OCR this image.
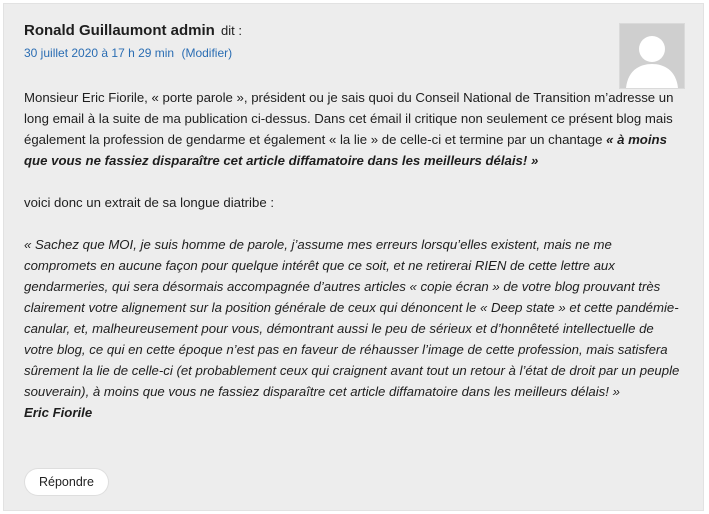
Ronald Guillaumont admin dit :
30 juillet 2020 à 17 h 29 min (Modifier)

Monsieur Eric Fiorile, « porte parole », président ou je sais quoi du Conseil National de Transition m’adresse un long email à la suite de ma publication ci-dessus. Dans cet émail il critique non seulement ce présent blog mais également la profession de gendarme et également « la lie » de celle-ci et termine par un chantage « à moins que vous ne fassiez disparaître cet article diffamatoire dans les meilleurs délais! »

voici donc un extrait de sa longue diatribe :

« Sachez que MOI, je suis homme de parole, j’assume mes erreurs lorsqu’elles existent, mais ne me compromets en aucune façon pour quelque intérêt que ce soit, et ne retirerai RIEN de cette lettre aux gendarmeries, qui sera désormais accompagnée d’autres articles « copie écran » de votre blog prouvant très clairement votre alignement sur la position générale de ceux qui dénoncent le « Deep state » et cette pandémie-canular, et, malheureusement pour vous, démontrant aussi le peu de sérieux et d’honnêteté intellectuelle de votre blog, ce qui en cette époque n’est pas en faveur de réhausser l’image de cette profession, mais satisfera sûrement la lie de celle-ci (et probablement ceux qui craignent avant tout un retour à l’état de droit par un peuple souverain), à moins que vous ne fassiez disparaître cet article diffamatoire dans les meilleurs délais! »

Eric Fiorile

Répondre
